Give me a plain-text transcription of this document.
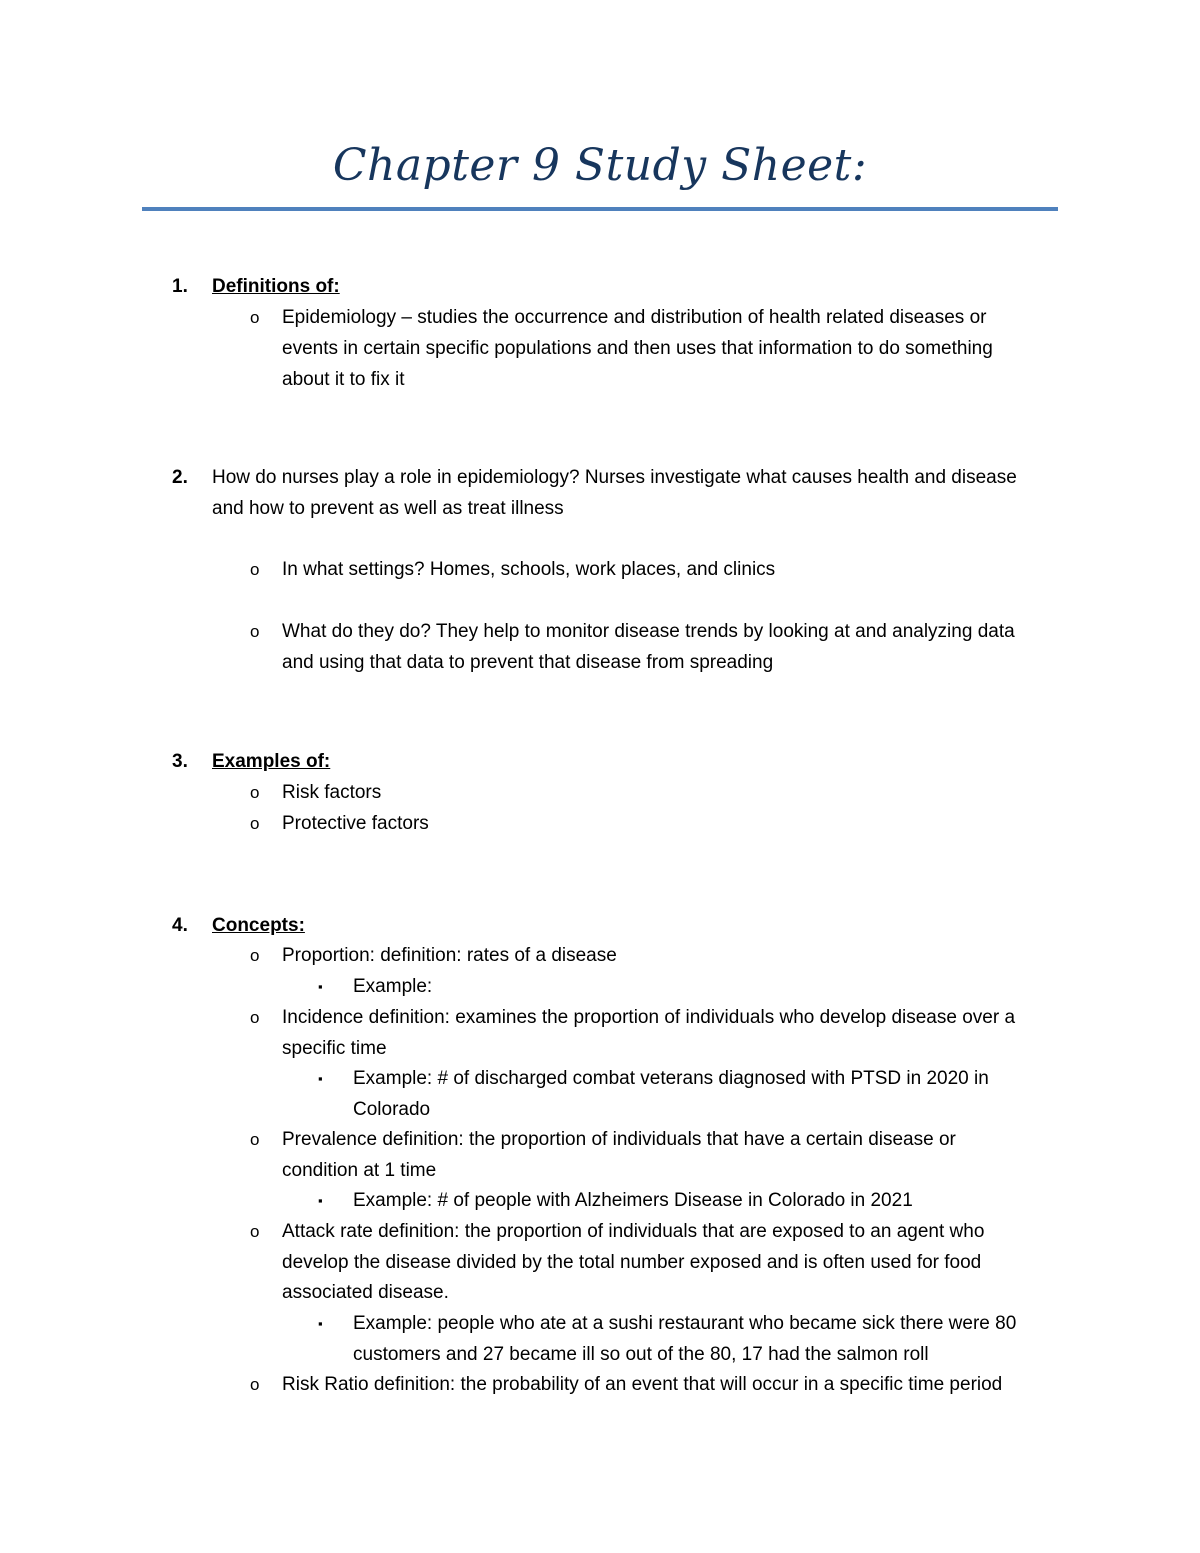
Chapter 9 Study Sheet:
1. Definitions of:
o Epidemiology – studies the occurrence and distribution of health related diseases or
events in certain specific populations and then uses that information to do something
about it to fix it
2. How do nurses play a role in epidemiology? Nurses investigate what causes health and disease
and how to prevent as well as treat illness
o In what settings? Homes, schools, work places, and clinics
o What do they do? They help to monitor disease trends by looking at and analyzing data
and using that data to prevent that disease from spreading
3. Examples of:
o Risk factors
o Protective factors
4. Concepts:
o Proportion: definition: rates of a disease
▪ Example:
o Incidence definition: examines the proportion of individuals who develop disease over a
specific time
▪ Example: # of discharged combat veterans diagnosed with PTSD in 2020 in
Colorado
o Prevalence definition: the proportion of individuals that have a certain disease or
condition at 1 time
▪ Example: # of people with Alzheimers Disease in Colorado in 2021
o Attack rate definition: the proportion of individuals that are exposed to an agent who
develop the disease divided by the total number exposed and is often used for food
associated disease.
▪ Example: people who ate at a sushi restaurant who became sick there were 80
customers and 27 became ill so out of the 80, 17 had the salmon roll
o Risk Ratio definition: the probability of an event that will occur in a specific time period
